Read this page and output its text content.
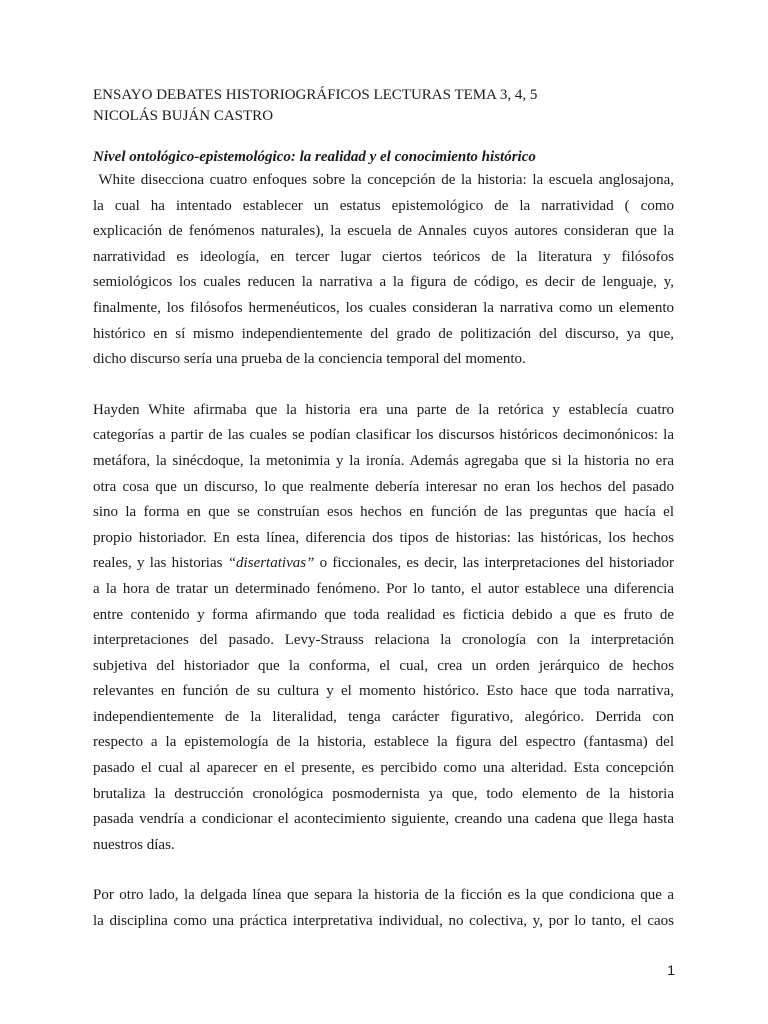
ENSAYO DEBATES HISTORIOGRÁFICOS LECTURAS TEMA 3, 4, 5

NICOLÁS BUJÁN CASTRO

Nivel ontológico-epistemológico: la realidad y el conocimiento histórico

White disecciona cuatro enfoques sobre la concepción de la historia: la escuela anglosajona,
la cual ha intentado establecer un estatus epistemológico de la narratividad ( como
explicación de fenómenos naturales), la escuela de Annales cuyos autores consideran que la
narratividad es ideología, en tercer lugar ciertos teóricos de la literatura y filósofos
semiológicos los cuales reducen la narrativa a la figura de código, es decir de lenguaje, y,
finalmente, los filósofos hermenéuticos, los cuales consideran la narrativa como un elemento
histórico en sí mismo independientemente del grado de politización del discurso, ya que,
dicho discurso sería una prueba de la conciencia temporal del momento.
Hayden White afirmaba que la historia era una parte de la retórica y establecía cuatro
categorías a partir de las cuales se podían clasificar los discursos históricos decimonónicos: la
metáfora, la sinécdoque, la metonimia y la ironía. Además agregaba que si la historia no era
otra cosa que un discurso, lo que realmente debería interesar no eran los hechos del pasado
sino la forma en que se construían esos hechos en función de las preguntas que hacía el
propio historiador. En esta línea, diferencia dos tipos de historias: las históricas, los hechos
reales, y las historias “disertativas” o ficcionales, es decir, las interpretaciones del historiador
a la hora de tratar un determinado fenómeno. Por lo tanto, el autor establece una diferencia
entre contenido y forma afirmando que toda realidad es ficticia debido a que es fruto de
interpretaciones del pasado. Levy-Strauss relaciona la cronología con la interpretación
subjetiva del historiador que la conforma, el cual, crea un orden jerárquico de hechos
relevantes en función de su cultura y el momento histórico. Esto hace que toda narrativa,
independientemente de la literalidad, tenga carácter figurativo, alegórico. Derrida con
respecto a la epistemología de la historia, establece la figura del espectro (fantasma) del
pasado el cual al aparecer en el presente, es percibido como una alteridad. Esta concepción
brutaliza la destrucción cronológica posmodernista ya que, todo elemento de la historia
pasada vendría a condicionar el acontecimiento siguiente, creando una cadena que llega hasta
nuestros días.
Por otro lado, la delgada línea que separa la historia de la ficción es la que condiciona que a
la disciplina como una práctica interpretativa individual, no colectiva, y, por lo tanto, el caos
1
